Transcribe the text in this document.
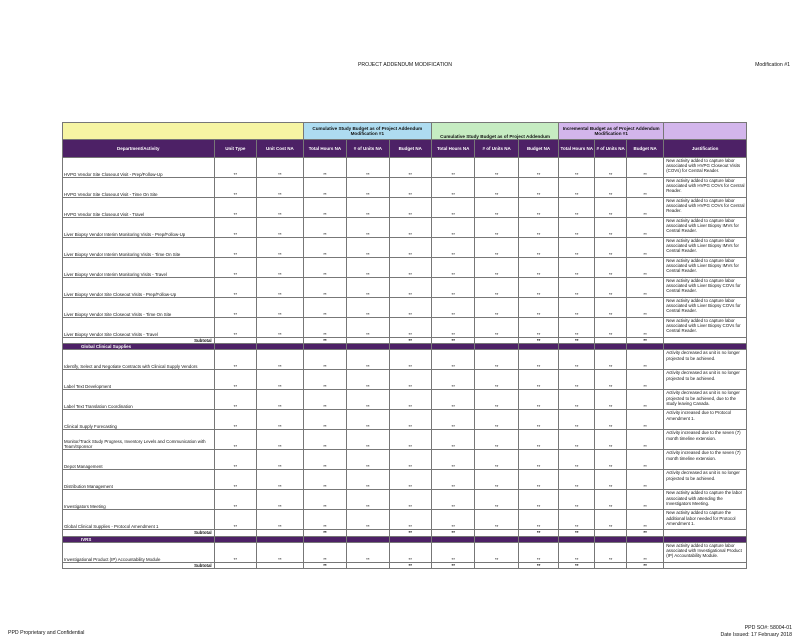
PROJECT ADDENDUM MODIFICATION	Modification #1
			Cumulative Study Budget as of Project Addendum Modification #1			Cumulative Study Budget as of Project Addendum			Incremental Budget as of Project Addendum Modification #1			
Department/Activity	Unit Type	Unit Cost NA	Total Hours NA	# of Units NA	Budget NA	Total Hours NA	# of Units NA	Budget NA	Total Hours NA	# of Units NA	Budget NA	Justification
HVPG Vendor Site Closeout Visit - Prep/Follow-Up	**	**	**	**	**	**	**	**	**	**	**	New activity added to capture labor associated with HVPG Closeout Visits (COVs) for Central Reader.
HVPG Vendor Site Closeout Visit - Time On Site	**	**	**	**	**	**	**	**	**	**	**	New activity added to capture labor associated with HVPG COVs for Central Reader.
HVPG Vendor Site Closeout Visit - Travel	**	**	**	**	**	**	**	**	**	**	**	New activity added to capture labor associated with HVPG COVs for Central Reader.
Liver Biopsy Vendor Interim Monitoring Visits - Prep/Follow-Up	**	**	**	**	**	**	**	**	**	**	**	New activity added to capture labor associated with Liver Biopsy IMVs for Central Reader.
Liver Biopsy Vendor Interim Monitoring Visits - Time On Site	**	**	**	**	**	**	**	**	**	**	**	New activity added to capture labor associated with Liver Biopsy IMVs for Central Reader.
Liver Biopsy Vendor Interim Monitoring Visits - Travel	**	**	**	**	**	**	**	**	**	**	**	New activity added to capture labor associated with Liver Biopsy IMVs for Central Reader.
Liver Biopsy Vendor Site Closeout Visits - Prep/Follow-Up	**	**	**	**	**	**	**	**	**	**	**	New activity added to capture labor associated with Liver Biopsy COVs for Central Reader.
Liver Biopsy Vendor Site Closeout Visits - Time On Site	**	**	**	**	**	**	**	**	**	**	**	New activity added to capture labor associated with Liver Biopsy COVs for Central Reader.
Liver Biopsy Vendor Site Closeout Visits - Travel	**	**	**	**	**	**	**	**	**	**	**	New activity added to capture labor associated with Liver Biopsy COVs for Central Reader.
Subtotal			**		**	**		**	**		**	
Global Clinical Supplies												
Identify, Select and Negotiate Contracts with Clinical Supply Vendors	**	**	**	**	**	**	**	**	**	**	**	Activity decreased as unit is no longer projected to be achieved.
Label Text Development	**	**	**	**	**	**	**	**	**	**	**	Activity decreased as unit is no longer projected to be achieved.
Label Text Translation Coordination	**	**	**	**	**	**	**	**	**	**	**	Activity decreased as unit is no longer projected to be achieved, due to the study leaving Canada.
Clinical Supply Forecasting	**	**	**	**	**	**	**	**	**	**	**	Activity increased due to Protocol Amendment 1.
Monitor/Track Study Progress, Inventory Levels and Communication with Team/Sponsor	**	**	**	**	**	**	**	**	**	**	**	Activity increased due to the seven (7) month timeline extension.
Depot Management	**	**	**	**	**	**	**	**	**	**	**	Activity increased due to the seven (7) month timeline extension.
Distribution Management	**	**	**	**	**	**	**	**	**	**	**	Activity decreased as unit is no longer projected to be achieved.
Investigators Meeting	**	**	**	**	**	**	**	**	**	**	**	New activity added to capture the labor associated with attending the Investigators Meeting.
Global Clinical Supplies - Protocol Amendment 1	**	**	**	**	**	**	**	**	**	**	**	New activity added to capture the additional labor needed for Protocol Amendment 1.
Subtotal			**		**	**		**	**		**	
IVRS												
Investigational Product (IP) Accountability Module	**	**	**	**	**	**	**	**	**	**	**	New activity added to capture labor associated with Investigational Product (IP) Accountability Module.
Subtotal			**		**	**		**	**		**	
PPD Proprietary and Confidential
PPD SO#: 58004-01
Date Issued: 17 February 2018
